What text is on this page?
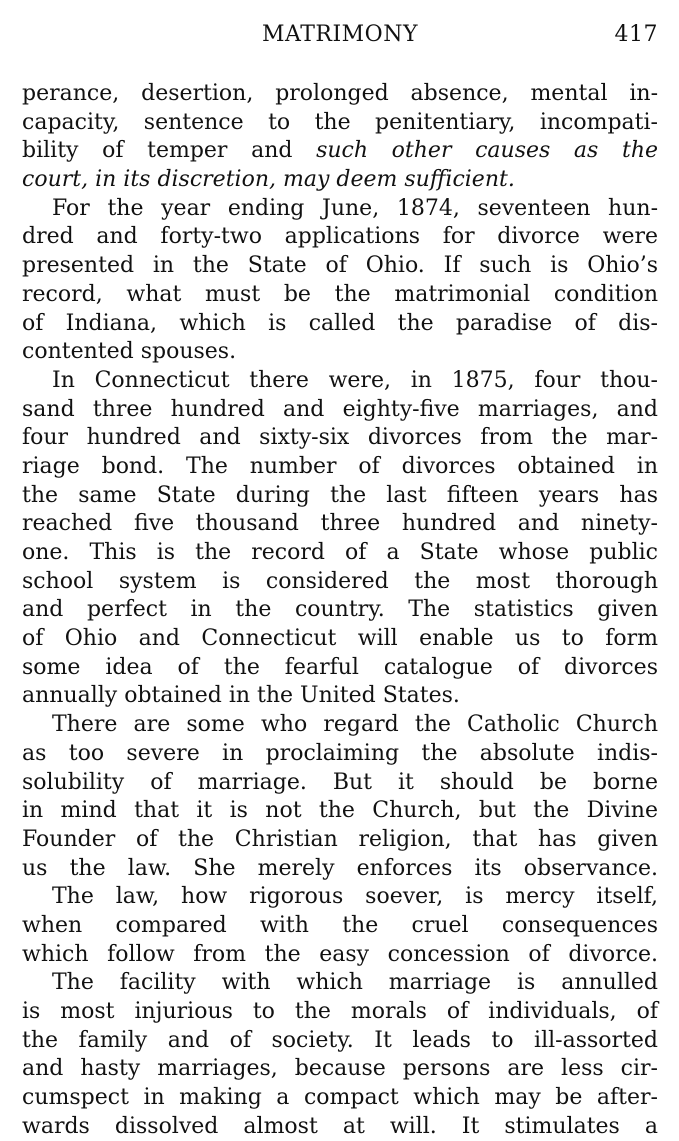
MATRIMONY	417
perance, desertion, prolonged absence, mental in-
capacity, sentence to the penitentiary, incompati-
bility of temper and such other causes as the
court, in its discretion, may deem sufficient.
For the year ending June, 1874, seventeen hun-
dred and forty-two applications for divorce were
presented in the State of Ohio. If such is Ohio’s
record, what must be the matrimonial condition
of Indiana, which is called the paradise of dis-
contented spouses.
In Connecticut there were, in 1875, four thou-
sand three hundred and eighty-five marriages, and
four hundred and sixty-six divorces from the mar-
riage bond. The number of divorces obtained in
the same State during the last fifteen years has
reached five thousand three hundred and ninety-
one. This is the record of a State whose public
school system is considered the most thorough
and perfect in the country. The statistics given
of Ohio and Connecticut will enable us to form
some idea of the fearful catalogue of divorces
annually obtained in the United States.
There are some who regard the Catholic Church
as too severe in proclaiming the absolute indis-
solubility of marriage. But it should be borne
in mind that it is not the Church, but the Divine
Founder of the Christian religion, that has given
us the law. She merely enforces its observance.
The law, how rigorous soever, is mercy itself,
when compared with the cruel consequences
which follow from the easy concession of divorce.
The facility with which marriage is annulled
is most injurious to the morals of individuals, of
the family and of society. It leads to ill-assorted
and hasty marriages, because persons are less cir-
cumspect in making a compact which may be after-
wards dissolved almost at will. It stimulates a
